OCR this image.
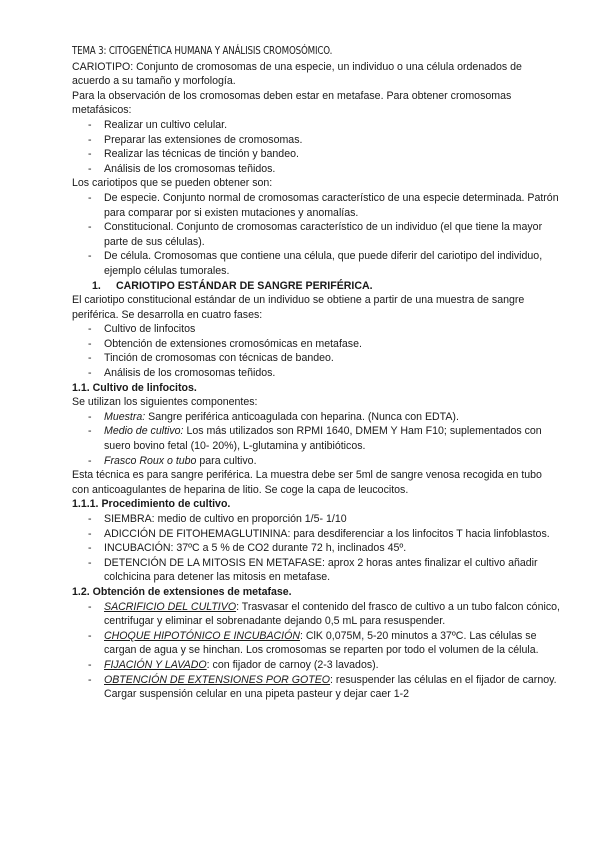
TEMA 3: CITOGENÉTICA HUMANA Y ANÁLISIS CROMOSÓMICO.

CARIOTIPO: Conjunto de cromosomas de una especie, un individuo o una célula ordenados de acuerdo a su tamaño y morfología.

Para la observación de los cromosomas deben estar en metafase. Para obtener cromosomas metafásicos:

- Realizar un cultivo celular.
- Preparar las extensiones de cromosomas.
- Realizar las técnicas de tinción y bandeo.
- Análisis de los cromosomas teñidos.

Los cariotipos que se pueden obtener son:

- De especie. Conjunto normal de cromosomas característico de una especie determinada. Patrón para comparar por si existen mutaciones y anomalías.
- Constitucional. Conjunto de cromosomas característico de un individuo (el que tiene la mayor parte de sus células).
- De célula. Cromosomas que contiene una célula, que puede diferir del cariotipo del individuo, ejemplo células tumorales.
1. CARIOTIPO ESTÁNDAR DE SANGRE PERIFÉRICA.

El cariotipo constitucional estándar de un individuo se obtiene a partir de una muestra de sangre periférica. Se desarrolla en cuatro fases:

- Cultivo de linfocitos
- Obtención de extensiones cromosómicas en metafase.
- Tinción de cromosomas con técnicas de bandeo.
- Análisis de los cromosomas teñidos.
1.1. Cultivo de linfocitos.

Se utilizan los siguientes componentes:

- Muestra: Sangre periférica anticoagulada con heparina. (Nunca con EDTA).
- Medio de cultivo: Los más utilizados son RPMI 1640, DMEM Y Ham F10; suplementados con suero bovino fetal (10- 20%), L-glutamina y antibióticos.
- Frasco Roux o tubo para cultivo.

Esta técnica es para sangre periférica. La muestra debe ser 5ml de sangre venosa recogida en tubo con anticoagulantes de heparina de litio. Se coge la capa de leucocitos.

1.1.1. Procedimiento de cultivo.
- SIEMBRA: medio de cultivo en proporción 1/5- 1/10
- ADICCIÓN DE FITOHEMAGLUTININA: para desdiferenciar a los linfocitos T hacia linfoblastos.
- INCUBACIÓN: 37ºC a 5 % de CO2 durante 72 h, inclinados 45º.
- DETENCIÓN DE LA MITOSIS EN METAFASE: aprox 2 horas antes finalizar el cultivo añadir colchicina para detener las mitosis en metafase.
1.2. Obtención de extensiones de metafase.
- SACRIFICIO DEL CULTIVO: Trasvasar el contenido del frasco de cultivo a un tubo falcon cónico, centrifugar y eliminar el sobrenadante dejando 0,5 mL para resuspender.
- CHOQUE HIPOTÓNICO E INCUBACIÓN: ClK 0,075M, 5-20 minutos a 37ºC. Las células se cargan de agua y se hinchan. Los cromosomas se reparten por todo el volumen de la célula.
- FIJACIÓN Y LAVADO: con fijador de carnoy (2-3 lavados).
- OBTENCIÓN DE EXTENSIONES POR GOTEO: resuspender las células en el fijador de carnoy. Cargar suspensión celular en una pipeta pasteur y dejar caer 1-2
